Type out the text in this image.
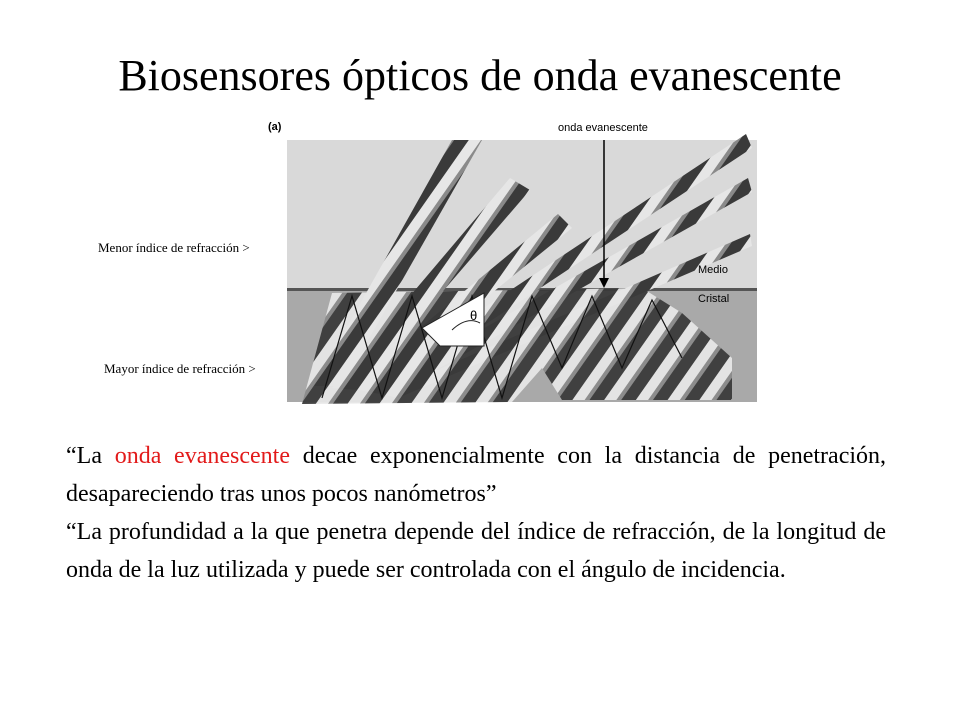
Biosensores ópticos de onda evanescente
(a)	onda evanescente
Medio
Cristal
θ
Menor índice de refracción >
Mayor índice de refracción >

“La onda evanescente decae exponencialmente con la distancia de penetración, desapareciendo tras unos pocos nanómetros”

“La profundidad a la que penetra depende del índice de refracción, de la longitud de onda de la luz utilizada y puede ser controlada con el ángulo de incidencia.
